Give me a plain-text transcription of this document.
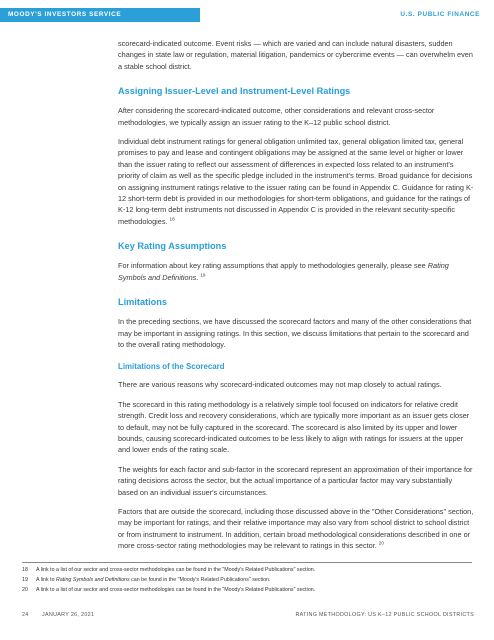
MOODY'S INVESTORS SERVICE	U.S. PUBLIC FINANCE

scorecard-indicated outcome. Event risks — which are varied and can include natural disasters, sudden changes in state law or regulation, material litigation, pandemics or cybercrime events — can overwhelm even a stable school district.

Assigning Issuer-Level and Instrument-Level Ratings

After considering the scorecard-indicated outcome, other considerations and relevant cross-sector methodologies, we typically assign an issuer rating to the K–12 public school district.

Individual debt instrument ratings for general obligation unlimited tax, general obligation limited tax, general promises to pay and lease and contingent obligations may be assigned at the same level or higher or lower than the issuer rating to reflect our assessment of differences in expected loss related to an instrument's priority of claim as well as the specific pledge included in the instrument's terms. Broad guidance for decisions on assigning instrument ratings relative to the issuer rating can be found in Appendix C. Guidance for rating K-12 short-term debt is provided in our methodologies for short-term obligations, and guidance for the ratings of K-12 long-term debt instruments not discussed in Appendix C is provided in the relevant security-specific methodologies. $^{18}$

Key Rating Assumptions

For information about key rating assumptions that apply to methodologies generally, please see Rating Symbols and Definitions. $^{19}$

Limitations

In the preceding sections, we have discussed the scorecard factors and many of the other considerations that may be important in assigning ratings. In this section, we discuss limitations that pertain to the scorecard and to the overall rating methodology.

Limitations of the Scorecard

There are various reasons why scorecard-indicated outcomes may not map closely to actual ratings.

The scorecard in this rating methodology is a relatively simple tool focused on indicators for relative credit strength. Credit loss and recovery considerations, which are typically more important as an issuer gets closer to default, may not be fully captured in the scorecard. The scorecard is also limited by its upper and lower bounds, causing scorecard-indicated outcomes to be less likely to align with ratings for issuers at the upper and lower ends of the rating scale.

The weights for each factor and sub-factor in the scorecard represent an approximation of their importance for rating decisions across the sector, but the actual importance of a particular factor may vary substantially based on an individual issuer's circumstances.

Factors that are outside the scorecard, including those discussed above in the "Other Considerations" section, may be important for ratings, and their relative importance may also vary from school district to school district or from instrument to instrument. In addition, certain broad methodological considerations described in one or more cross-sector rating methodologies may be relevant to ratings in this sector. $^{20}$

18 A link to a list of our sector and cross-sector methodologies can be found in the "Moody's Related Publications" section.
19 A link to Rating Symbols and Definitions can be found in the "Moody's Related Publications" section.
20 A link to a list of our sector and cross-sector methodologies can be found in the "Moody's Related Publications" section.
24 JANUARY 26, 2021	RATING METHODOLOGY: US K–12 PUBLIC SCHOOL DISTRICTS
